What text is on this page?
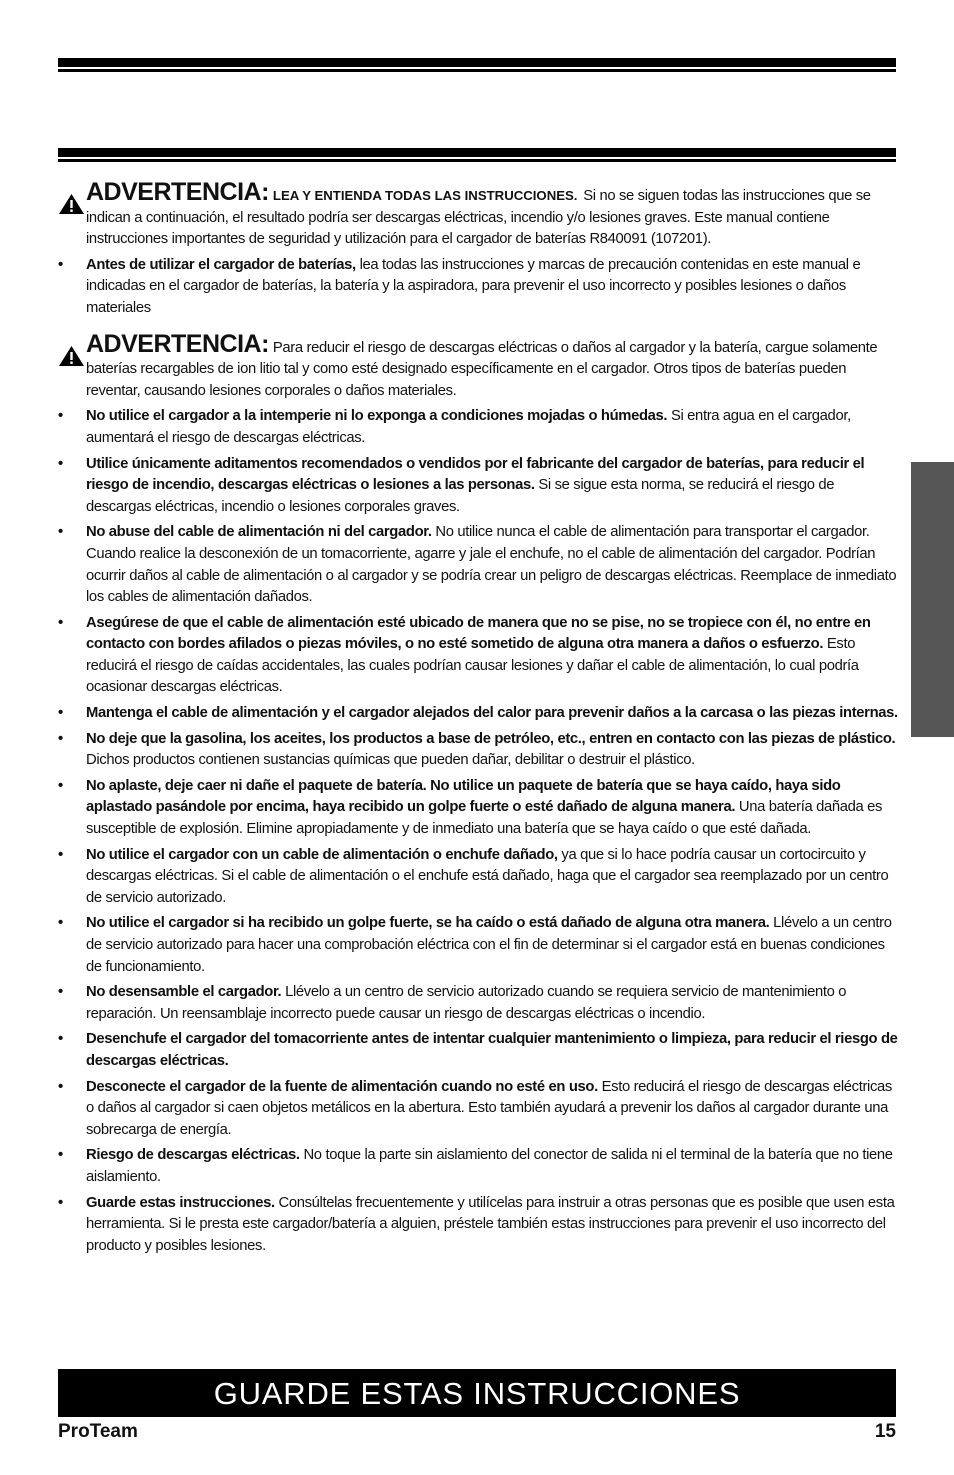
ADVERTENCIA: LEA Y ENTIENDA TODAS LAS INSTRUCCIONES. Si no se siguen todas las instrucciones que se indican a continuación, el resultado podría ser descargas eléctricas, incendio y/o lesiones graves. Este manual contiene instrucciones importantes de seguridad y utilización para el cargador de baterías R840091 (107201).
• Antes de utilizar el cargador de baterías, lea todas las instrucciones y marcas de precaución contenidas en este manual e indicadas en el cargador de baterías, la batería y la aspiradora, para prevenir el uso incorrecto y posibles lesiones o daños materiales
ADVERTENCIA: Para reducir el riesgo de descargas eléctricas o daños al cargador y la batería, cargue solamente baterías recargables de ion litio tal y como esté designado específicamente en el cargador. Otros tipos de baterías pueden reventar, causando lesiones corporales o daños materiales.
• No utilice el cargador a la intemperie ni lo exponga a condiciones mojadas o húmedas. Si entra agua en el cargador, aumentará el riesgo de descargas eléctricas.
• Utilice únicamente aditamentos recomendados o vendidos por el fabricante del cargador de baterías, para reducir el riesgo de incendio, descargas eléctricas o lesiones a las personas. Si se sigue esta norma, se reducirá el riesgo de descargas eléctricas, incendio o lesiones corporales graves.
• No abuse del cable de alimentación ni del cargador. No utilice nunca el cable de alimentación para transportar el cargador. Cuando realice la desconexión de un tomacorriente, agarre y jale el enchufe, no el cable de alimentación del cargador. Podrían ocurrir daños al cable de alimentación o al cargador y se podría crear un peligro de descargas eléctricas. Reemplace de inmediato los cables de alimentación dañados.
• Asegúrese de que el cable de alimentación esté ubicado de manera que no se pise, no se tropiece con él, no entre en contacto con bordes afilados o piezas móviles, o no esté sometido de alguna otra manera a daños o esfuerzo. Esto reducirá el riesgo de caídas accidentales, las cuales podrían causar lesiones y dañar el cable de alimentación, lo cual podría ocasionar descargas eléctricas.
• Mantenga el cable de alimentación y el cargador alejados del calor para prevenir daños a la carcasa o las piezas internas.
• No deje que la gasolina, los aceites, los productos a base de petróleo, etc., entren en contacto con las piezas de plástico. Dichos productos contienen sustancias químicas que pueden dañar, debilitar o destruir el plástico.
• No aplaste, deje caer ni dañe el paquete de batería. No utilice un paquete de batería que se haya caído, haya sido aplastado pasándole por encima, haya recibido un golpe fuerte o esté dañado de alguna manera. Una batería dañada es susceptible de explosión. Elimine apropiadamente y de inmediato una batería que se haya caído o que esté dañada.
• No utilice el cargador con un cable de alimentación o enchufe dañado, ya que si lo hace podría causar un cortocircuito y descargas eléctricas. Si el cable de alimentación o el enchufe está dañado, haga que el cargador sea reemplazado por un centro de servicio autorizado.
• No utilice el cargador si ha recibido un golpe fuerte, se ha caído o está dañado de alguna otra manera. Llévelo a un centro de servicio autorizado para hacer una comprobación eléctrica con el fin de determinar si el cargador está en buenas condiciones de funcionamiento.
• No desensamble el cargador. Llévelo a un centro de servicio autorizado cuando se requiera servicio de mantenimiento o reparación. Un reensamblaje incorrecto puede causar un riesgo de descargas eléctricas o incendio.
• Desenchufe el cargador del tomacorriente antes de intentar cualquier mantenimiento o limpieza, para reducir el riesgo de descargas eléctricas.
• Desconecte el cargador de la fuente de alimentación cuando no esté en uso. Esto reducirá el riesgo de descargas eléctricas o daños al cargador si caen objetos metálicos en la abertura. Esto también ayudará a prevenir los daños al cargador durante una sobrecarga de energía.
• Riesgo de descargas eléctricas. No toque la parte sin aislamiento del conector de salida ni el terminal de la batería que no tiene aislamiento.
• Guarde estas instrucciones. Consúltelas frecuentemente y utilícelas para instruir a otras personas que es posible que usen esta herramienta. Si le presta este cargador/batería a alguien, préstele también estas instrucciones para prevenir el uso incorrecto del producto y posibles lesiones.
GUARDE ESTAS INSTRUCCIONES
ProTeam	15
